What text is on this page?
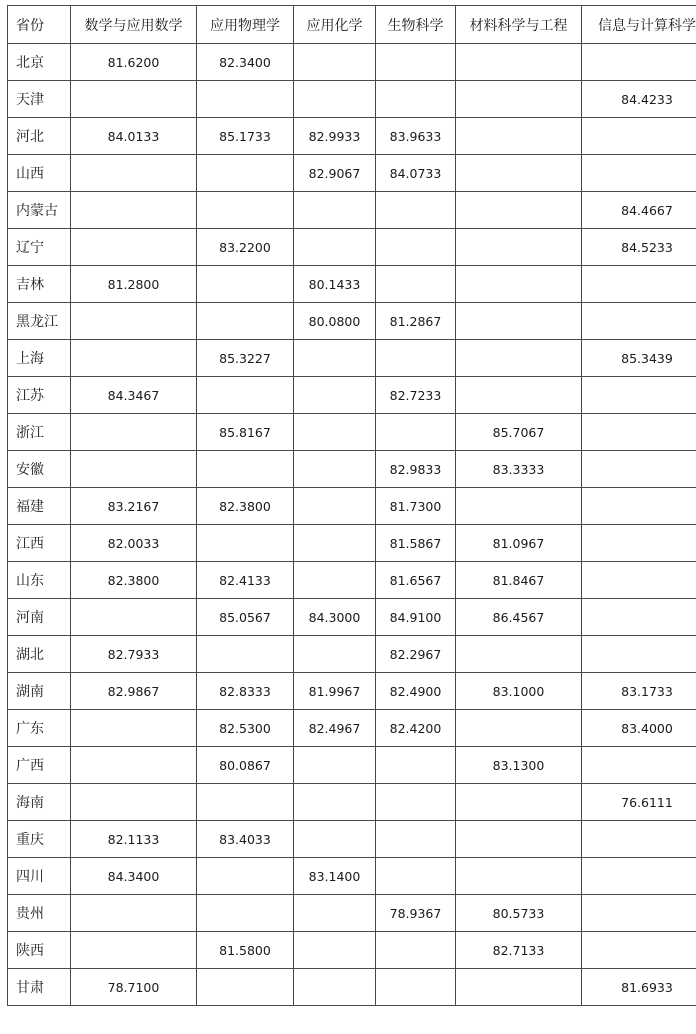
省份	数学与应用数学	应用物理学	应用化学	生物科学	材料科学与工程	信息与计算科学
北京	81.6200	82.3400				
天津						84.4233
河北	84.0133	85.1733	82.9933	83.9633		
山西			82.9067	84.0733		
内蒙古						84.4667
辽宁		83.2200				84.5233
吉林	81.2800		80.1433			
黑龙江			80.0800	81.2867		
上海		85.3227				85.3439
江苏	84.3467			82.7233		
浙江		85.8167			85.7067	
安徽				82.9833	83.3333	
福建	83.2167	82.3800		81.7300		
江西	82.0033			81.5867	81.0967	
山东	82.3800	82.4133		81.6567	81.8467	
河南		85.0567	84.3000	84.9100	86.4567	
湖北	82.7933			82.2967		
湖南	82.9867	82.8333	81.9967	82.4900	83.1000	83.1733
广东		82.5300	82.4967	82.4200		83.4000
广西		80.0867			83.1300	
海南						76.6111
重庆	82.1133	83.4033				
四川	84.3400		83.1400			
贵州				78.9367	80.5733	
陕西		81.5800			82.7133	
甘肃	78.7100					81.6933
